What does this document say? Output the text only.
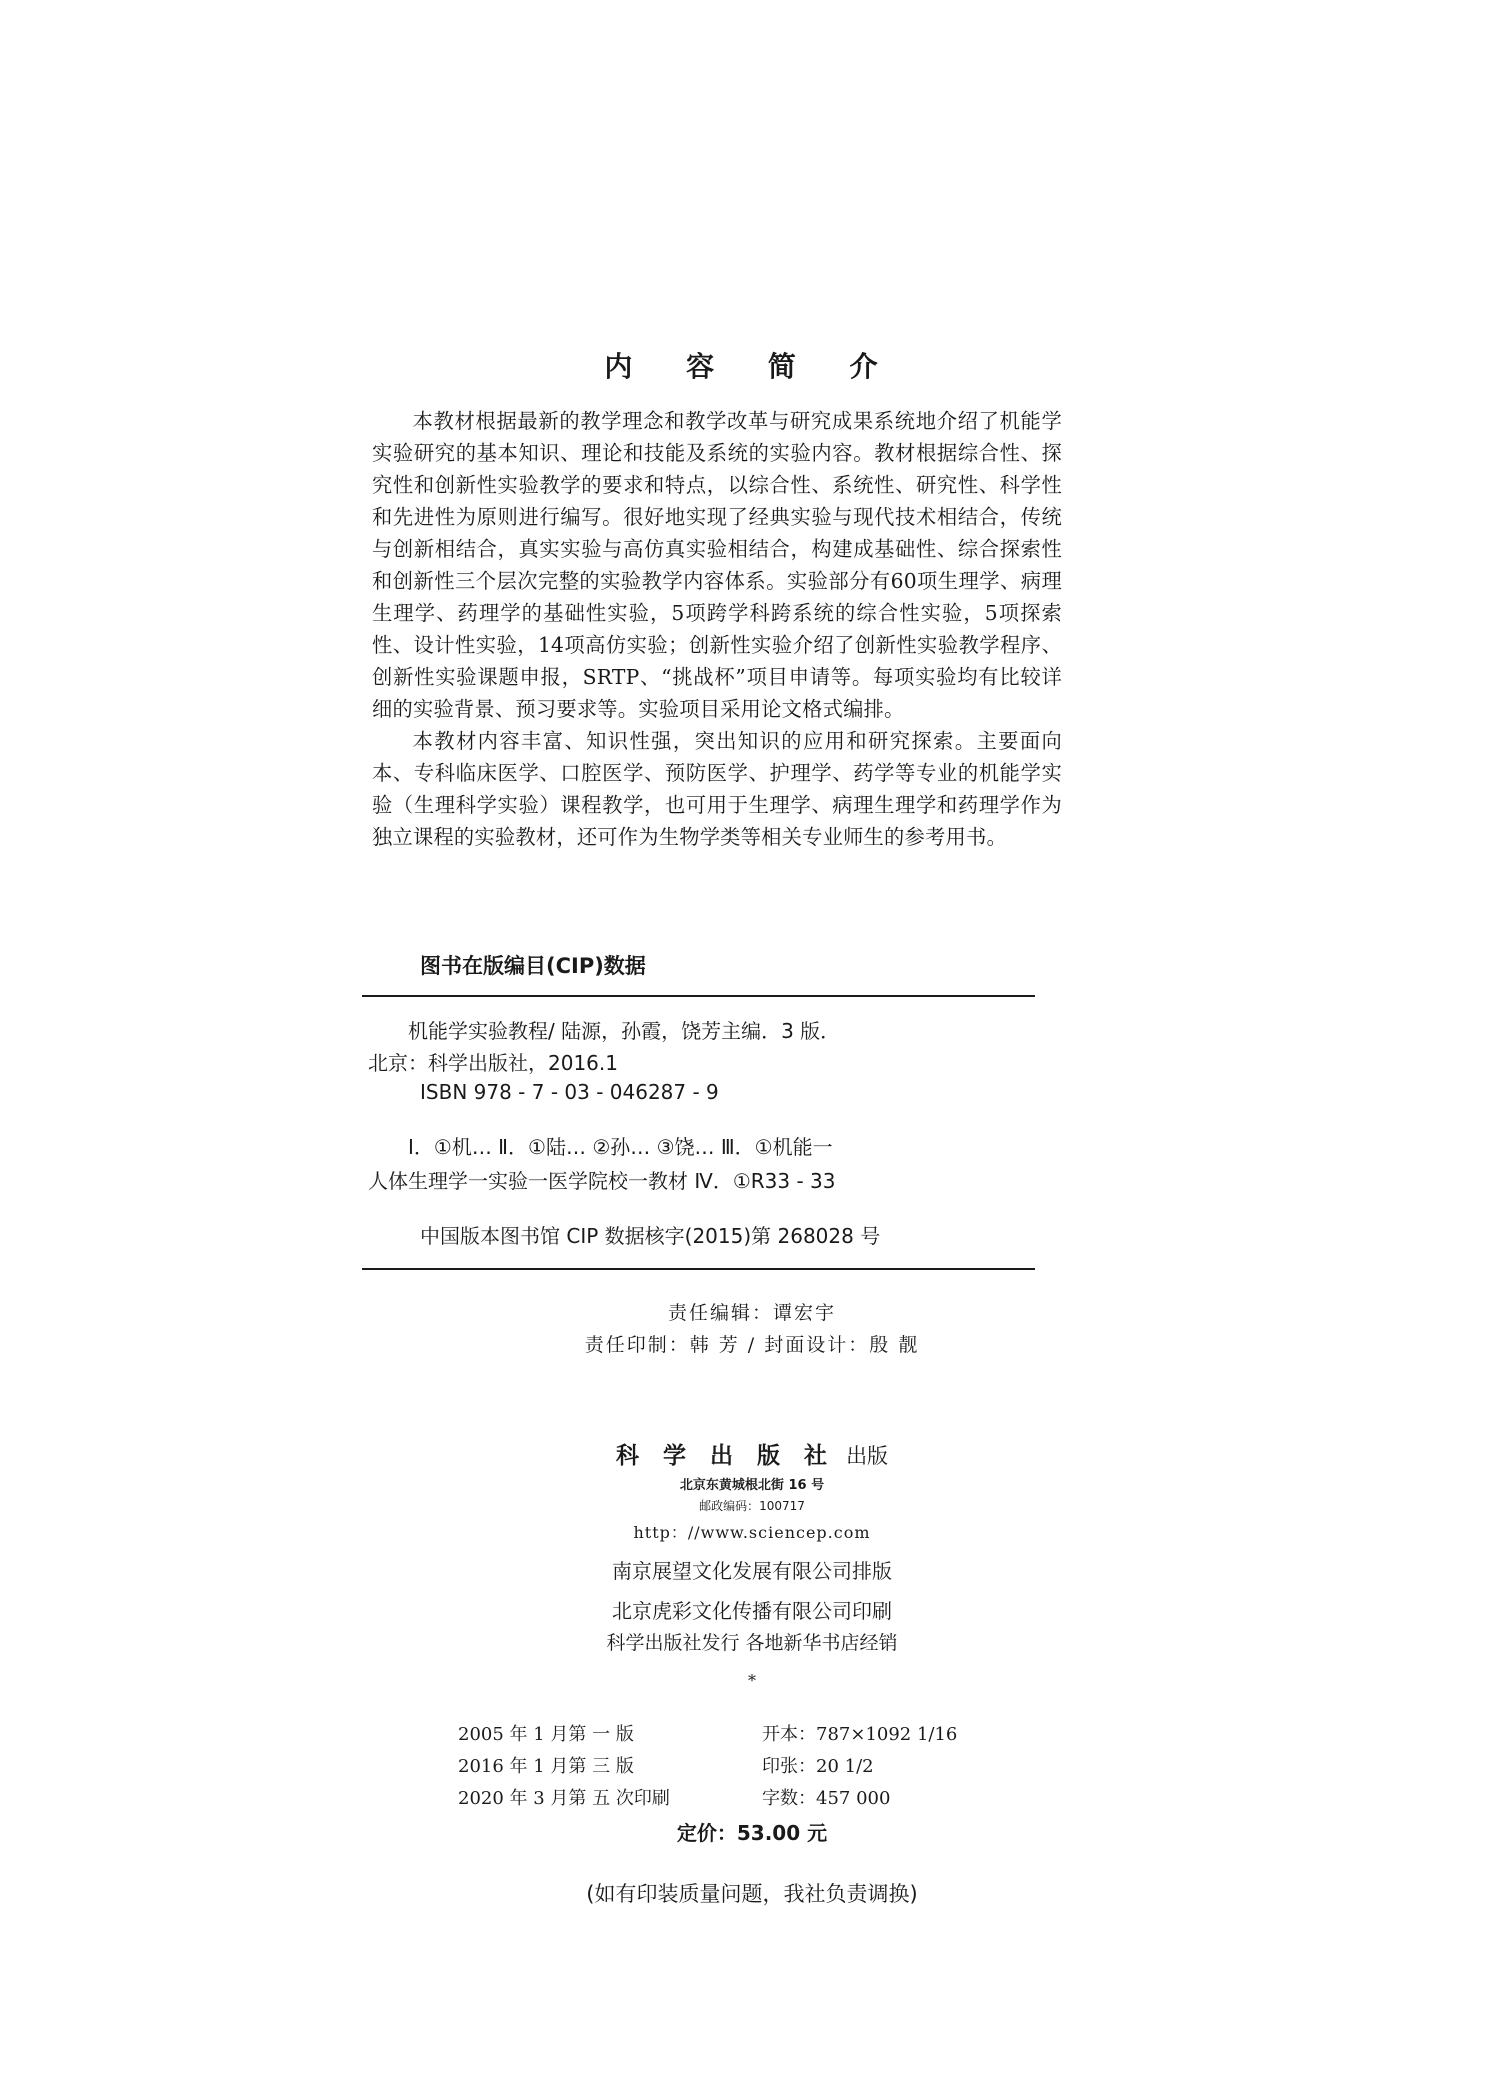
内 容 简 介

本教材根据最新的教学理念和教学改革与研究成果系统地介绍了机能学实验研究的基本知识、理论和技能及系统的实验内容。教材根据综合性、探究性和创新性实验教学的要求和特点，以综合性、系统性、研究性、科学性和先进性为原则进行编写。很好地实现了经典实验与现代技术相结合，传统与创新相结合，真实实验与高仿真实验相结合，构建成基础性、综合探索性和创新性三个层次完整的实验教学内容体系。实验部分有60项生理学、病理生理学、药理学的基础性实验，5项跨学科跨系统的综合性实验，5项探索性、设计性实验，14项高仿实验；创新性实验介绍了创新性实验教学程序、创新性实验课题申报，SRTP、“挑战杯”项目申请等。每项实验均有比较详细的实验背景、预习要求等。实验项目采用论文格式编排。

本教材内容丰富、知识性强，突出知识的应用和研究探索。主要面向本、专科临床医学、口腔医学、预防医学、护理学、药学等专业的机能学实验（生理科学实验）课程教学，也可用于生理学、病理生理学和药理学作为独立课程的实验教材，还可作为生物学类等相关专业师生的参考用书。

图书在版编目(CIP)数据
机能学实验教程/ 陆源，孙霞，饶芳主编．3 版．
北京：科学出版社，2016.1
ISBN 978 - 7 - 03 - 046287 - 9
Ⅰ．①机… Ⅱ．①陆… ②孙… ③饶… Ⅲ．①机能一
人体生理学一实验一医学院校一教材 Ⅳ．①R33 - 33
中国版本图书馆 CIP 数据核字(2015)第 268028 号
责任编辑：谭宏宇
责任印制：韩 芳 / 封面设计：殷 靓
科 学 出 版 社 出版
北京东黄城根北街 16 号
邮政编码：100717
http：//www.sciencep.com
南京展望文化发展有限公司排版
北京虎彩文化传播有限公司印刷
科学出版社发行 各地新华书店经销
*
2005 年 1 月第 一 版
2016 年 1 月第 三 版
2020 年 3 月第 五 次印刷
开本：787×1092 1/16
印张：20 1/2
字数：457 000
定价：53.00 元
(如有印装质量问题，我社负责调换)
